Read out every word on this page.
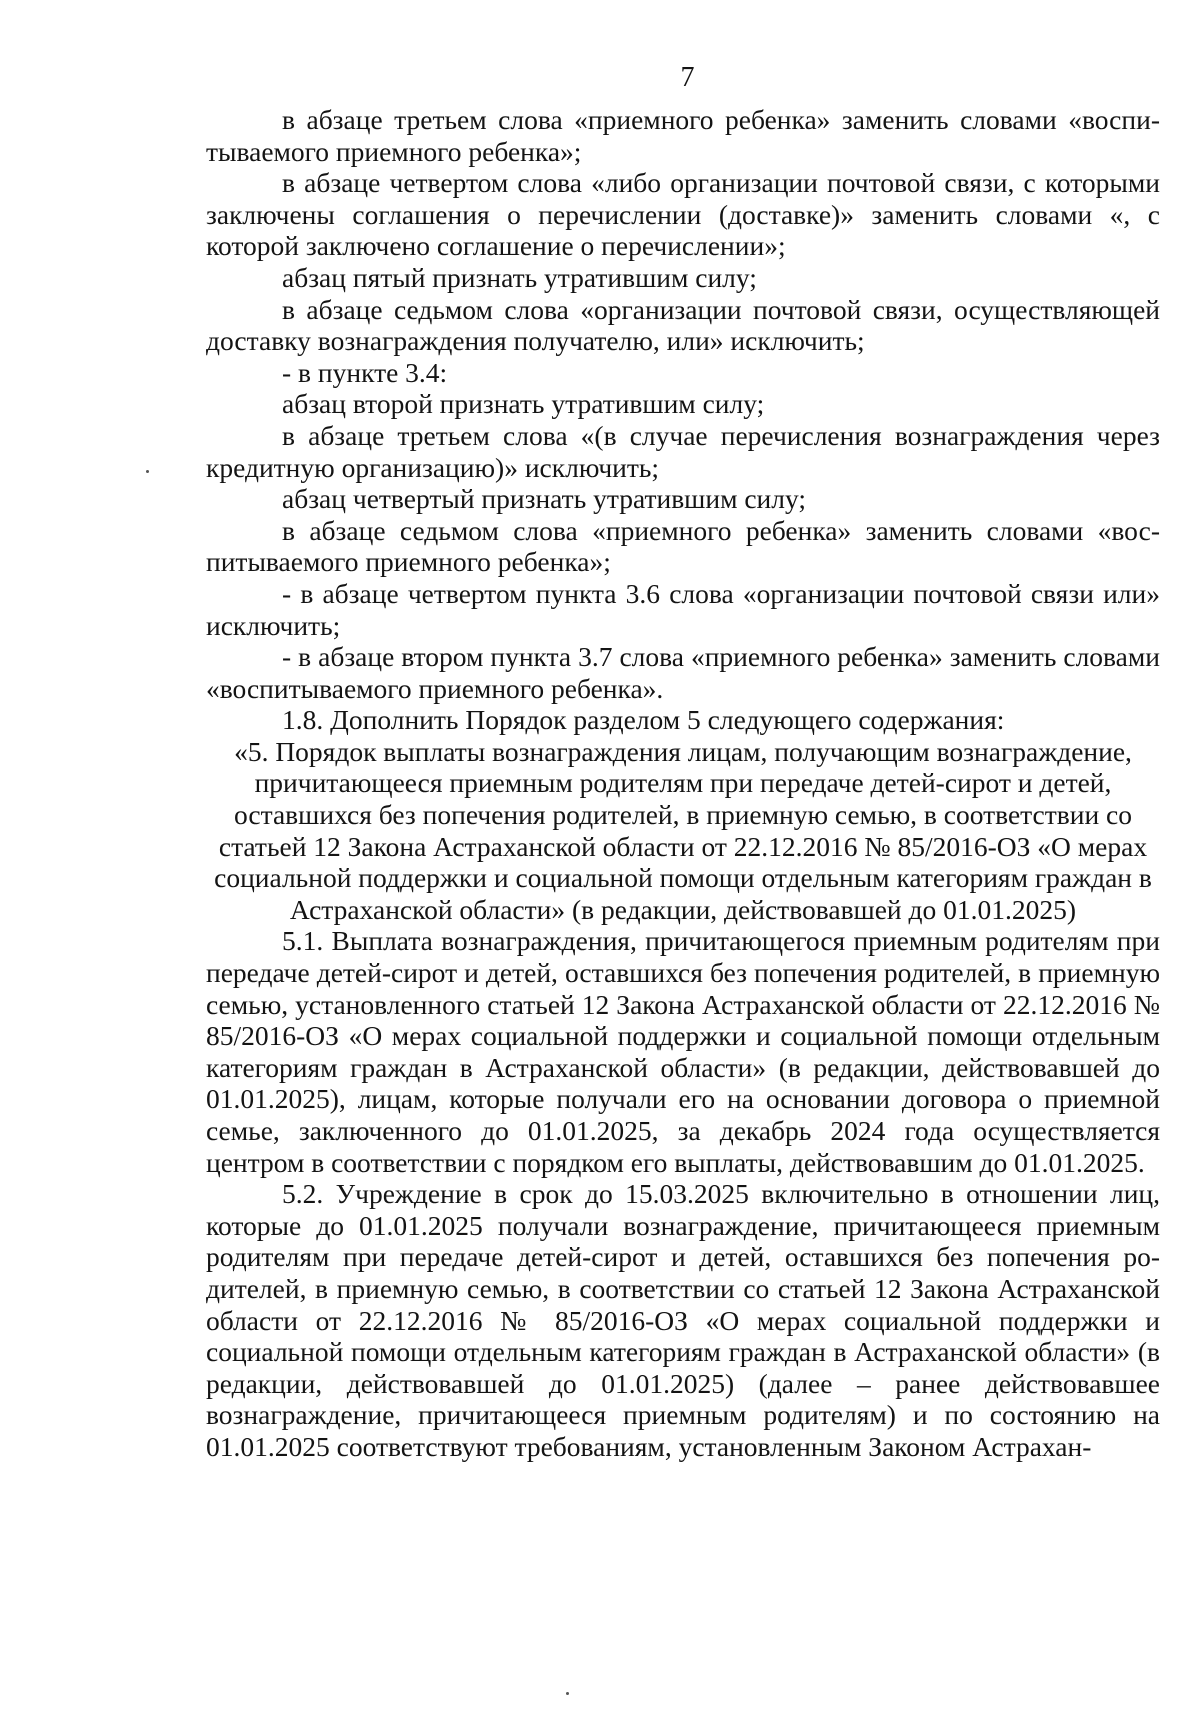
7

в абзаце третьем слова «приемного ребенка» заменить словами «воспитываемого приемного ребенка»;

в абзаце четвертом слова «либо организации почтовой связи, с которыми заключены соглашения о перечислении (доставке)» заменить словами «, с которой заключено соглашение о перечислении»;

абзац пятый признать утратившим силу;

в абзаце седьмом слова «организации почтовой связи, осуществляющей доставку вознаграждения получателю, или» исключить;

- в пункте 3.4:

абзац второй признать утратившим силу;

в абзаце третьем слова «(в случае перечисления вознаграждения через кредитную организацию)» исключить;

абзац четвертый признать утратившим силу;

в абзаце седьмом слова «приемного ребенка» заменить словами «воспитываемого приемного ребенка»;

- в абзаце четвертом пункта 3.6 слова «организации почтовой связи или» исключить;

- в абзаце втором пункта 3.7 слова «приемного ребенка» заменить словами «воспитываемого приемного ребенка».

1.8. Дополнить Порядок разделом 5 следующего содержания:

«5. Порядок выплаты вознаграждения лицам, получающим вознаграждение, причитающееся приемным родителям при передаче детей-сирот и детей, оставшихся без попечения родителей, в приемную семью, в соответствии со статьей 12 Закона Астраханской области от 22.12.2016 № 85/2016-ОЗ «О мерах социальной поддержки и социальной помощи отдельным категориям граждан в Астраханской области» (в редакции, действовавшей до 01.01.2025)

5.1. Выплата вознаграждения, причитающегося приемным родителям при передаче детей-сирот и детей, оставшихся без попечения родителей, в приемную семью, установленного статьей 12 Закона Астраханской области от 22.12.2016 № 85/2016-ОЗ «О мерах социальной поддержки и социальной помощи отдельным категориям граждан в Астраханской области» (в редакции, действовавшей до 01.01.2025), лицам, которые получали его на основании договора о приемной семье, заключенного до 01.01.2025, за декабрь 2024 года осуществляется центром в соответствии с порядком его выплаты, действовавшим до 01.01.2025.

5.2. Учреждение в срок до 15.03.2025 включительно в отношении лиц, которые до 01.01.2025 получали вознаграждение, причитающееся приемным родителям при передаче детей-сирот и детей, оставшихся без попечения родителей, в приемную семью, в соответствии со статьей 12 Закона Астраханской области от 22.12.2016 № 85/2016-ОЗ «О мерах социальной поддержки и социальной помощи отдельным категориям граждан в Астраханской области» (в редакции, действовавшей до 01.01.2025) (далее – ранее действовавшее вознаграждение, причитающееся приемным родителям) и по состоянию на 01.01.2025 соответствуют требованиям, установленным Законом Астрахан-
